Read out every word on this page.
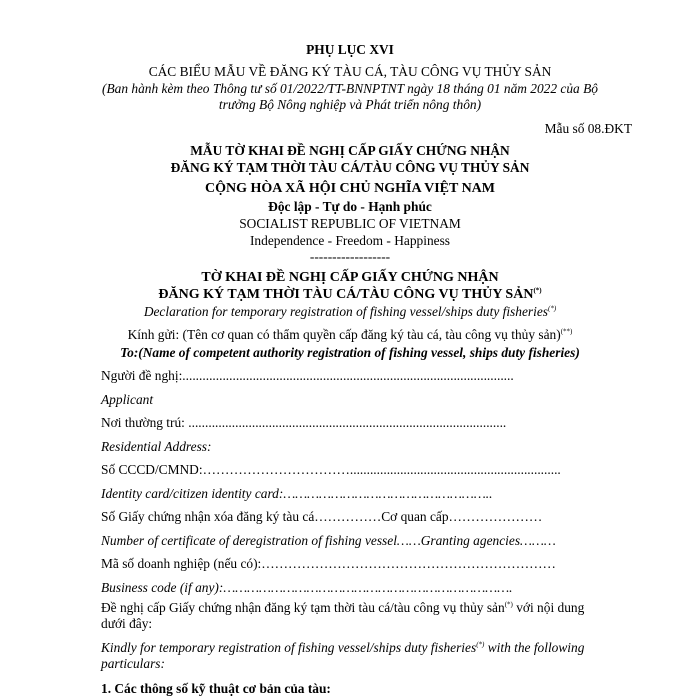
PHỤ LỤC XVI
CÁC BIỂU MẪU VỀ ĐĂNG KÝ TÀU CÁ, TÀU CÔNG VỤ THỦY SẢN
(Ban hành kèm theo Thông tư số 01/2022/TT-BNNPTNT ngày 18 tháng 01 năm 2022 của Bộ
trưởng Bộ Nông nghiệp và Phát triển nông thôn)
Mẫu số 08.ĐKT
MẪU TỜ KHAI ĐỀ NGHỊ CẤP GIẤY CHỨNG NHẬN
ĐĂNG KÝ TẠM THỜI TÀU CÁ/TÀU CÔNG VỤ THỦY SẢN
CỘNG HÒA XÃ HỘI CHỦ NGHĨA VIỆT NAM
Độc lập - Tự do - Hạnh phúc
SOCIALIST REPUBLIC OF VIETNAM
Independence - Freedom - Happiness
------------------
TỜ KHAI ĐỀ NGHỊ CẤP GIẤY CHỨNG NHẬN
ĐĂNG KÝ TẠM THỜI TÀU CÁ/TÀU CÔNG VỤ THỦY SẢN(*)
Declaration for temporary registration of fishing vessel/ships duty fisheries(*)
Kính gửi: (Tên cơ quan có thẩm quyền cấp đăng ký tàu cá, tàu công vụ thủy sản)(**)
To:(Name of competent authority registration of fishing vessel, ships duty fisheries)
Người đề nghị:...................................................................................................
Applicant
Nơi thường trú: ...............................................................................................
Residential Address:
Số CCCD/CMND:……………………………...............................................................
Identity card/citizen identity card:……………………………………………..
Số Giấy chứng nhận xóa đăng ký tàu cá……………Cơ quan cấp…………………
Number of certificate of deregistration of fishing vessel……Granting agencies………
Mã số doanh nghiệp (nếu có):…………………………………………………………
Business code (if any):……………………………………………………………….
Đề nghị cấp Giấy chứng nhận đăng ký tạm thời tàu cá/tàu công vụ thủy sản(*) với nội dung
dưới đây:
Kindly for temporary registration of fishing vessel/ships duty fisheries(*) with the following
particulars:
1. Các thông số kỹ thuật cơ bản của tàu:
